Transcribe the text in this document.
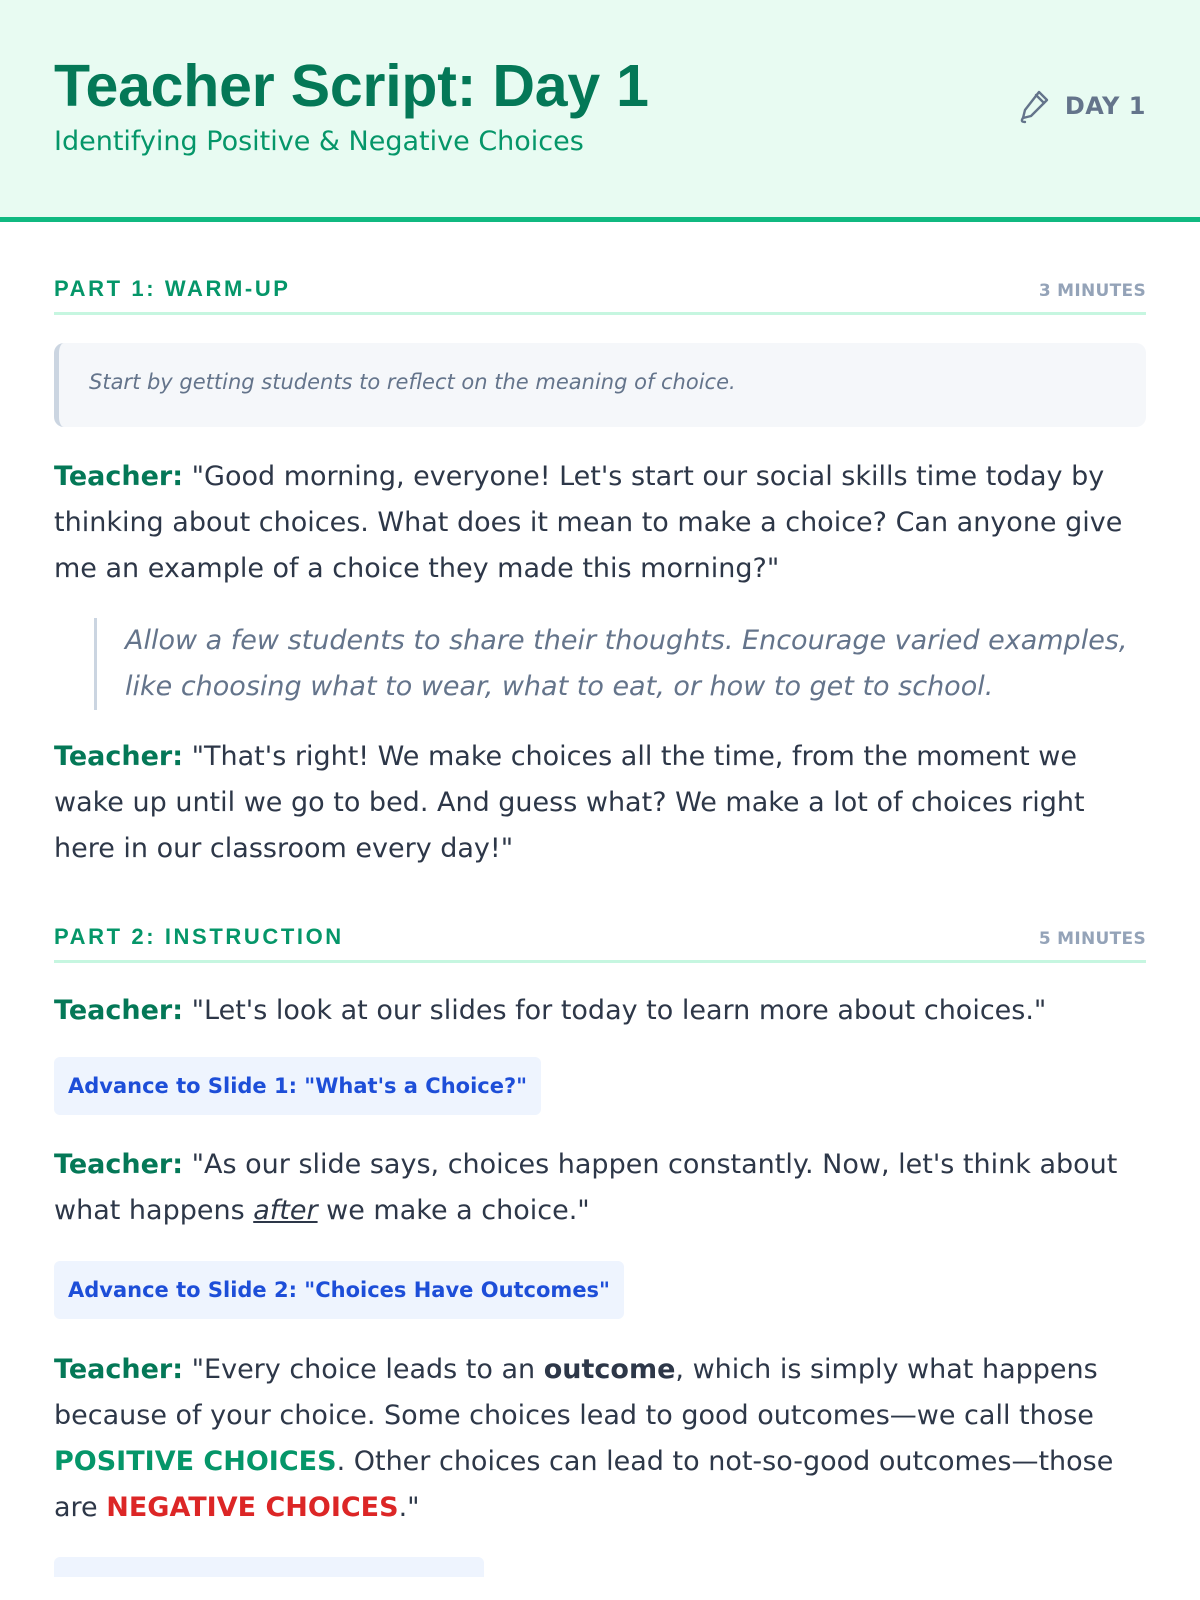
Teacher Script: Day 1

Identifying Positive & Negative Choices

DAY 1
PART 1: WARM-UP	3 MINUTES
Start by getting students to reflect on the meaning of choice.

Teacher: "Good morning, everyone! Let's start our social skills time today by thinking about choices. What does it mean to make a choice? Can anyone give me an example of a choice they made this morning?"

Allow a few students to share their thoughts. Encourage varied examples, like choosing what to wear, what to eat, or how to get to school.

Teacher: "That's right! We make choices all the time, from the moment we wake up until we go to bed. And guess what? We make a lot of choices right here in our classroom every day!"

PART 2: INSTRUCTION	5 MINUTES

Teacher: "Let's look at our slides for today to learn more about choices."

Advance to Slide 1: "What's a Choice?"

Teacher: "As our slide says, choices happen constantly. Now, let's think about what happens after we make a choice."

Advance to Slide 2: "Choices Have Outcomes"

Teacher: "Every choice leads to an outcome, which is simply what happens because of your choice. Some choices lead to good outcomes—we call those POSITIVE CHOICES. Other choices can lead to not-so-good outcomes—those are NEGATIVE CHOICES."
